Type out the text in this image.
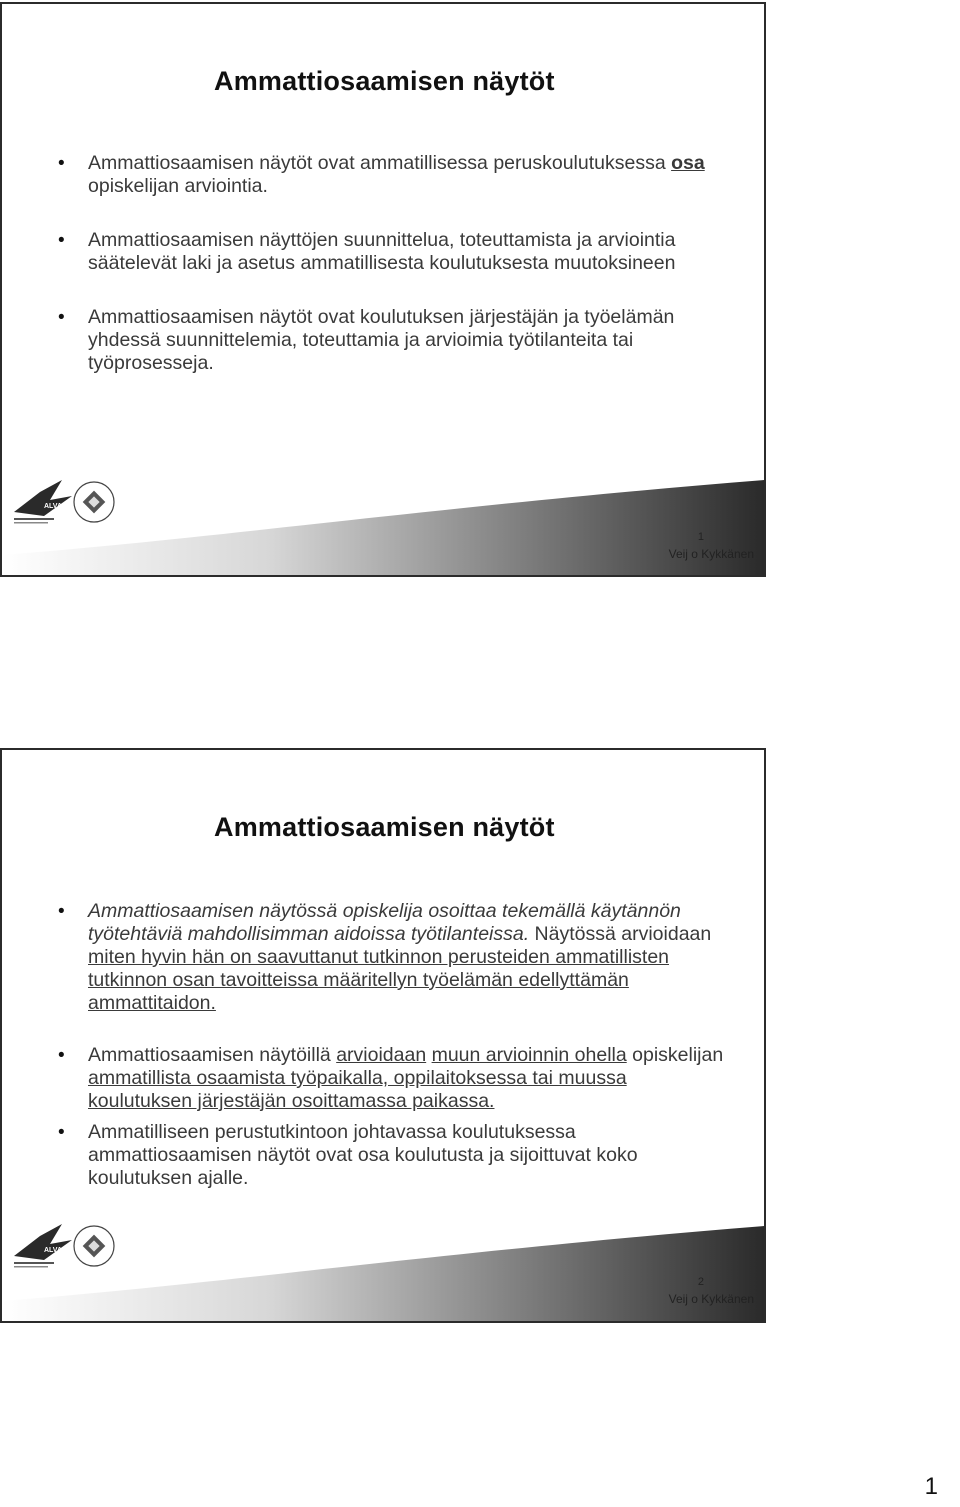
Ammattiosaamisen näytöt
• Ammattiosaamisen näytöt ovat ammatillisessa peruskoulutuksessa osa opiskelijan arviointia.
• Ammattiosaamisen näyttöjen suunnittelua, toteuttamista ja arviointia säätelevät laki ja asetus ammatillisesta koulutuksesta muutoksineen
• Ammattiosaamisen näytöt ovat koulutuksen järjestäjän ja työelämän yhdessä suunnittelemia, toteuttamia ja arvioimia työtilanteita tai työprosesseja.
ALVAR
1
Veij o Kykkänen
Ammattiosaamisen näytöt
• Ammattiosaamisen näytössä opiskelija osoittaa tekemällä käytännön työtehtäviä mahdollisimman aidoissa työtilanteissa. Näytössä arvioidaan miten hyvin hän on saavuttanut tutkinnon perusteiden ammatillisten tutkinnon osan tavoitteissa määritellyn työelämän edellyttämän ammattitaidon.
• Ammattiosaamisen näytöillä arvioidaan muun arvioinnin ohella opiskelijan ammatillista osaamista työpaikalla, oppilaitoksessa tai muussa koulutuksen järjestäjän osoittamassa paikassa.
• Ammatilliseen perustutkintoon johtavassa koulutuksessa ammattiosaamisen näytöt ovat osa koulutusta ja sijoittuvat koko koulutuksen ajalle.
ALVAR
2
Veij o Kykkänen
1
